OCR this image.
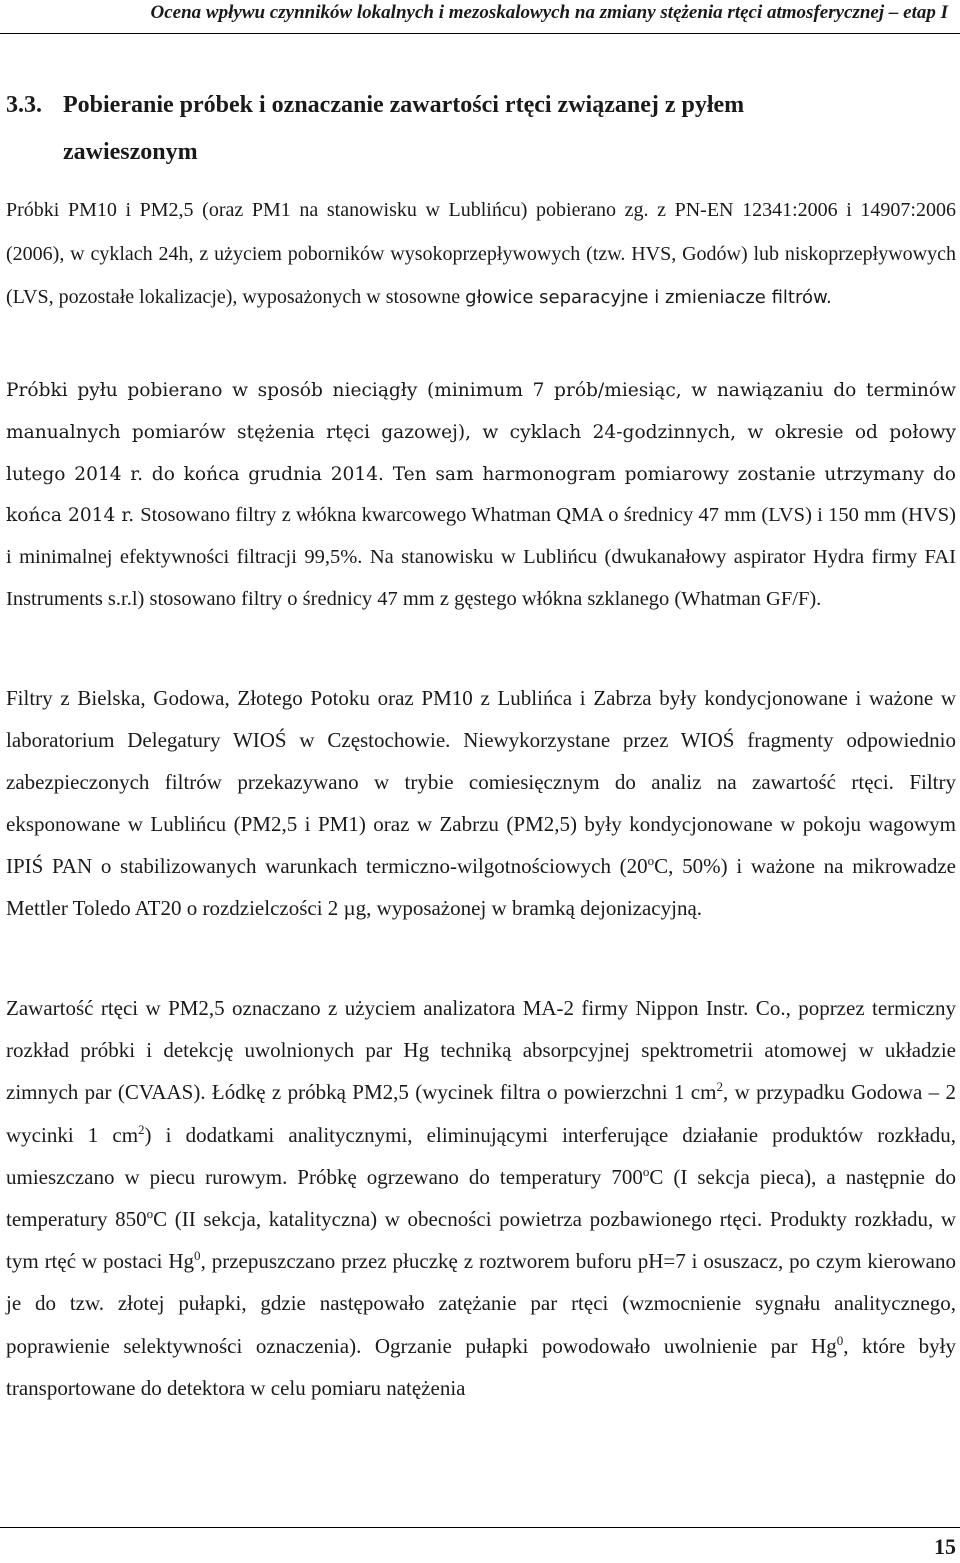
Ocena wpływu czynników lokalnych i mezoskalowych na zmiany stężenia rtęci atmosferycznej – etap I
3.3. Pobieranie próbek i oznaczanie zawartości rtęci związanej z pyłem
zawieszonym

Próbki PM10 i PM2,5 (oraz PM1 na stanowisku w Lublińcu) pobierano zg. z PN-EN 12341:2006 i 14907:2006 (2006), w cyklach 24h, z użyciem poborników wysokoprzepływowych (tzw. HVS, Godów) lub niskoprzepływowych (LVS, pozostałe lokalizacje), wyposażonych w stosowne głowice separacyjne i zmieniacze filtrów.

Próbki pyłu pobierano w sposób nieciągły (minimum 7 prób/miesiąc, w nawiązaniu do terminów manualnych pomiarów stężenia rtęci gazowej), w cyklach 24-godzinnych, w okresie od połowy lutego 2014 r. do końca grudnia 2014. Ten sam harmonogram pomiarowy zostanie utrzymany do końca 2014 r. Stosowano filtry z włókna kwarcowego Whatman QMA o średnicy 47 mm (LVS) i 150 mm (HVS) i minimalnej efektywności filtracji 99,5%. Na stanowisku w Lublińcu (dwukanałowy aspirator Hydra firmy FAI Instruments s.r.l) stosowano filtry o średnicy 47 mm z gęstego włókna szklanego (Whatman GF/F).

Filtry z Bielska, Godowa, Złotego Potoku oraz PM10 z Lublińca i Zabrza były kondycjonowane i ważone w laboratorium Delegatury WIOŚ w Częstochowie. Niewykorzystane przez WIOŚ fragmenty odpowiednio zabezpieczonych filtrów przekazywano w trybie comiesięcznym do analiz na zawartość rtęci. Filtry eksponowane w Lublińcu (PM2,5 i PM1) oraz w Zabrzu (PM2,5) były kondycjonowane w pokoju wagowym IPIŚ PAN o stabilizowanych warunkach termiczno-wilgotnościowych (20$^o$C, 50%) i ważone na mikrowadze Mettler Toledo AT20 o rozdzielczości 2 µg, wyposażonej w bramką dejonizacyjną.

Zawartość rtęci w PM2,5 oznaczano z użyciem analizatora MA-2 firmy Nippon Instr. Co., poprzez termiczny rozkład próbki i detekcję uwolnionych par Hg techniką absorpcyjnej spektrometrii atomowej w układzie zimnych par (CVAAS). Łódkę z próbką PM2,5 (wycinek filtra o powierzchni 1 $cm^2$, w przypadku Godowa – 2 wycinki 1 $cm^2$) i dodatkami analitycznymi, eliminującymi interferujące działanie produktów rozkładu, umieszczano w piecu rurowym. Próbkę ogrzewano do temperatury 700$^o$C (I sekcja pieca), a następnie do temperatury 850$^o$C (II sekcja, katalityczna) w obecności powietrza pozbawionego rtęci. Produkty rozkładu, w tym rtęć w postaci Hg$^0$, przepuszczano przez płuczkę z roztworem buforu pH=7 i osuszacz, po czym kierowano je do tzw. złotej pułapki, gdzie następowało zatężanie par rtęci (wzmocnienie sygnału analitycznego, poprawienie selektywności oznaczenia). Ogrzanie pułapki powodowało uwolnienie par Hg$^0$, które były transportowane do detektora w celu pomiaru natężenia

15
